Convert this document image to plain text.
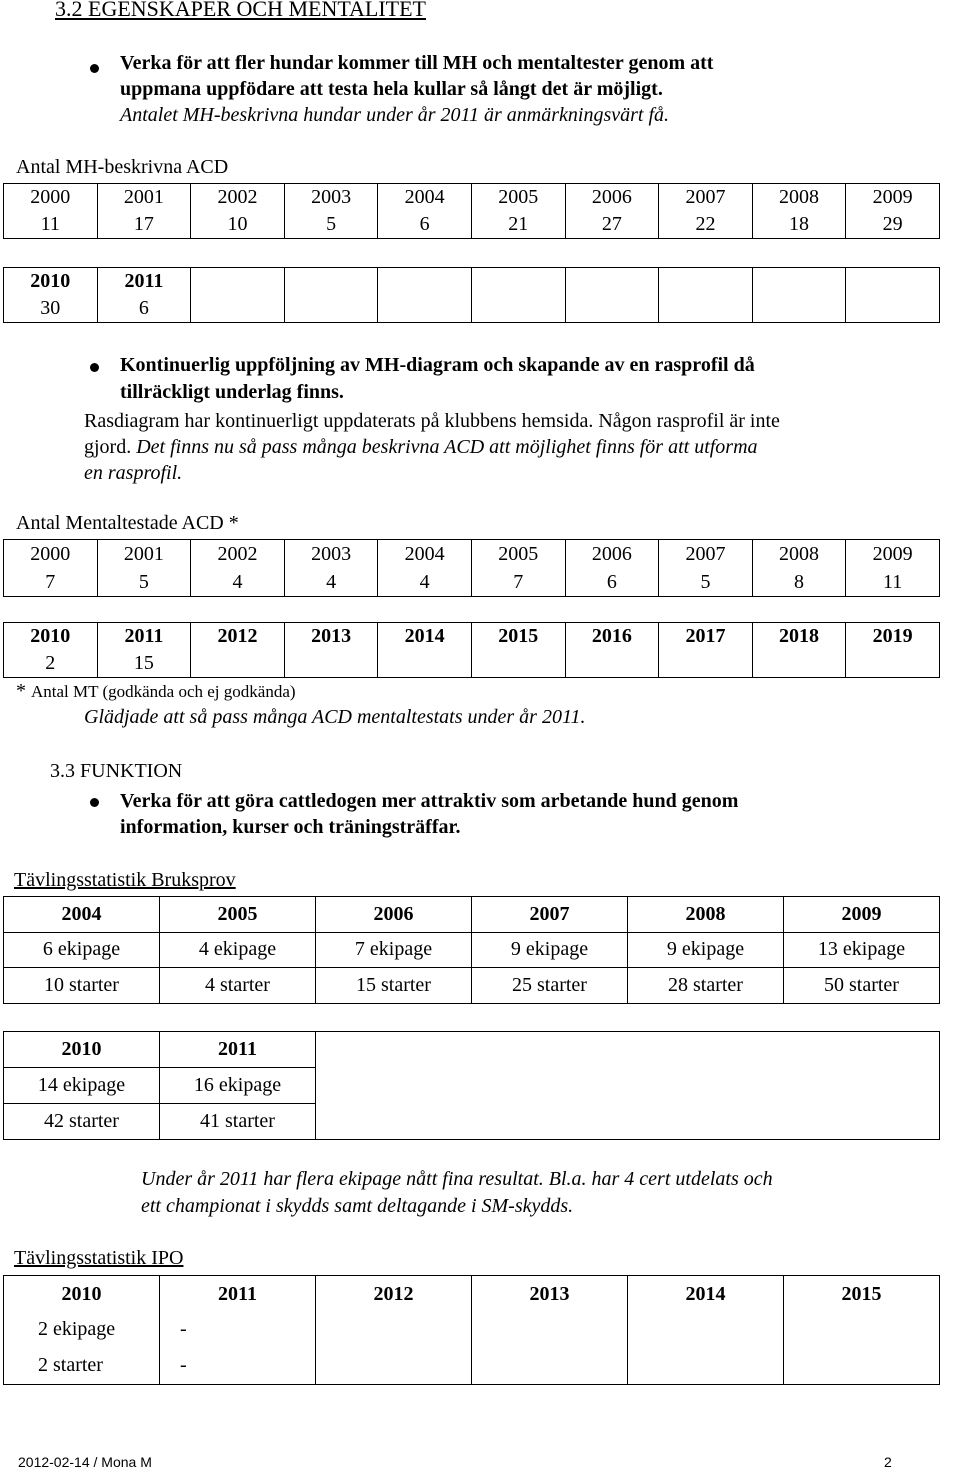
3.2 EGENSKAPER OCH MENTALITET
Verka för att fler hundar kommer till MH och mentaltester genom att
uppmana uppfödare att testa hela kullar så långt det är möjligt.
Antalet MH-beskrivna hundar under år 2011 är anmärkningsvärt få.
Antal MH-beskrivna ACD
2000	2001	2002	2003	2004	2005	2006	2007	2008	2009
11	17	10	5	6	21	27	22	18	29
2010	2011								
30	6								
Kontinuerlig uppföljning av MH-diagram och skapande av en rasprofil då
tillräckligt underlag finns.
Rasdiagram har kontinuerligt uppdaterats på klubbens hemsida. Någon rasprofil är inte
gjord. Det finns nu så pass många beskrivna ACD att möjlighet finns för att utforma
en rasprofil.
Antal Mentaltestade ACD *
2000	2001	2002	2003	2004	2005	2006	2007	2008	2009
7	5	4	4	4	7	6	5	8	11
2010	2011	2012	2013	2014	2015	2016	2017	2018	2019
2	15								
* Antal MT (godkända och ej godkända)
Glädjade att så pass många ACD mentaltestats under år 2011.
3.3 FUNKTION
Verka för att göra cattledogen mer attraktiv som arbetande hund genom
information, kurser och träningsträffar.
Tävlingsstatistik Bruksprov
2004	2005	2006	2007	2008	2009
6 ekipage	4 ekipage	7 ekipage	9 ekipage	9 ekipage	13 ekipage
10 starter	4 starter	15 starter	25 starter	28 starter	50 starter
2010	2011	
14 ekipage	16 ekipage	
42 starter	41 starter	
Under år 2011 har flera ekipage nått fina resultat. Bl.a. har 4 cert utdelats och
ett championat i skydds samt deltagande i SM-skydds.
Tävlingsstatistik IPO
2010	2011	2012	2013	2014	2015
2 ekipage	-				
2 starter	-				
2012-02-14 / Mona M	2
